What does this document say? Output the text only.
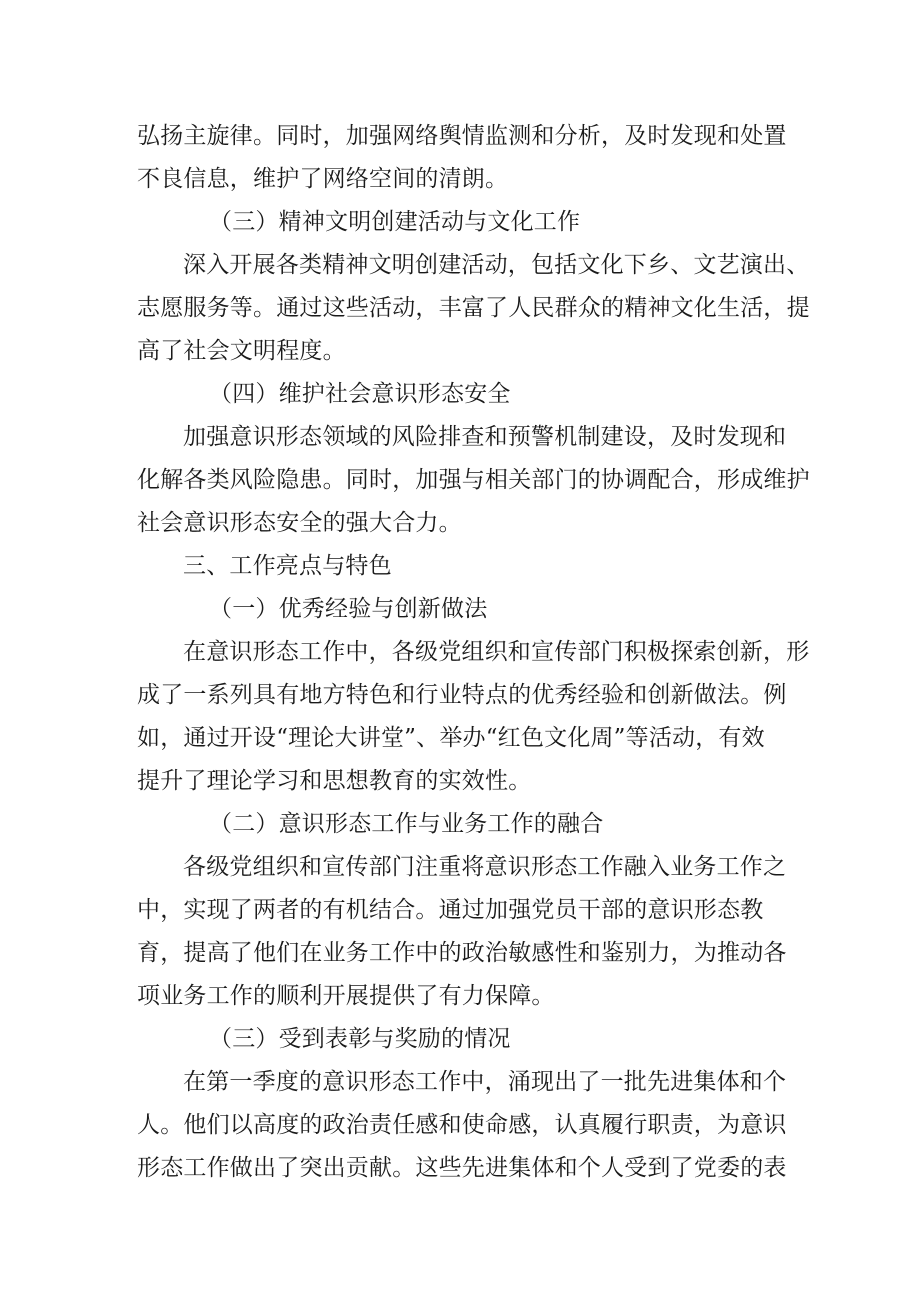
弘扬主旋律。同时，加强网络舆情监测和分析，及时发现和处置
不良信息，维护了网络空间的清朗。
（三）精神文明创建活动与文化工作
深入开展各类精神文明创建活动，包括文化下乡、文艺演出、
志愿服务等。通过这些活动，丰富了人民群众的精神文化生活，提
高了社会文明程度。
（四）维护社会意识形态安全
加强意识形态领域的风险排查和预警机制建设，及时发现和
化解各类风险隐患。同时，加强与相关部门的协调配合，形成维护
社会意识形态安全的强大合力。
三、工作亮点与特色
（一）优秀经验与创新做法
在意识形态工作中，各级党组织和宣传部门积极探索创新，形
成了一系列具有地方特色和行业特点的优秀经验和创新做法。例
如，通过开设“理论大讲堂”、举办“红色文化周”等活动，有效
提升了理论学习和思想教育的实效性。
（二）意识形态工作与业务工作的融合
各级党组织和宣传部门注重将意识形态工作融入业务工作之
中，实现了两者的有机结合。通过加强党员干部的意识形态教
育，提高了他们在业务工作中的政治敏感性和鉴别力，为推动各
项业务工作的顺利开展提供了有力保障。
（三）受到表彰与奖励的情况
在第一季度的意识形态工作中，涌现出了一批先进集体和个
人。他们以高度的政治责任感和使命感，认真履行职责，为意识
形态工作做出了突出贡献。这些先进集体和个人受到了党委的表
